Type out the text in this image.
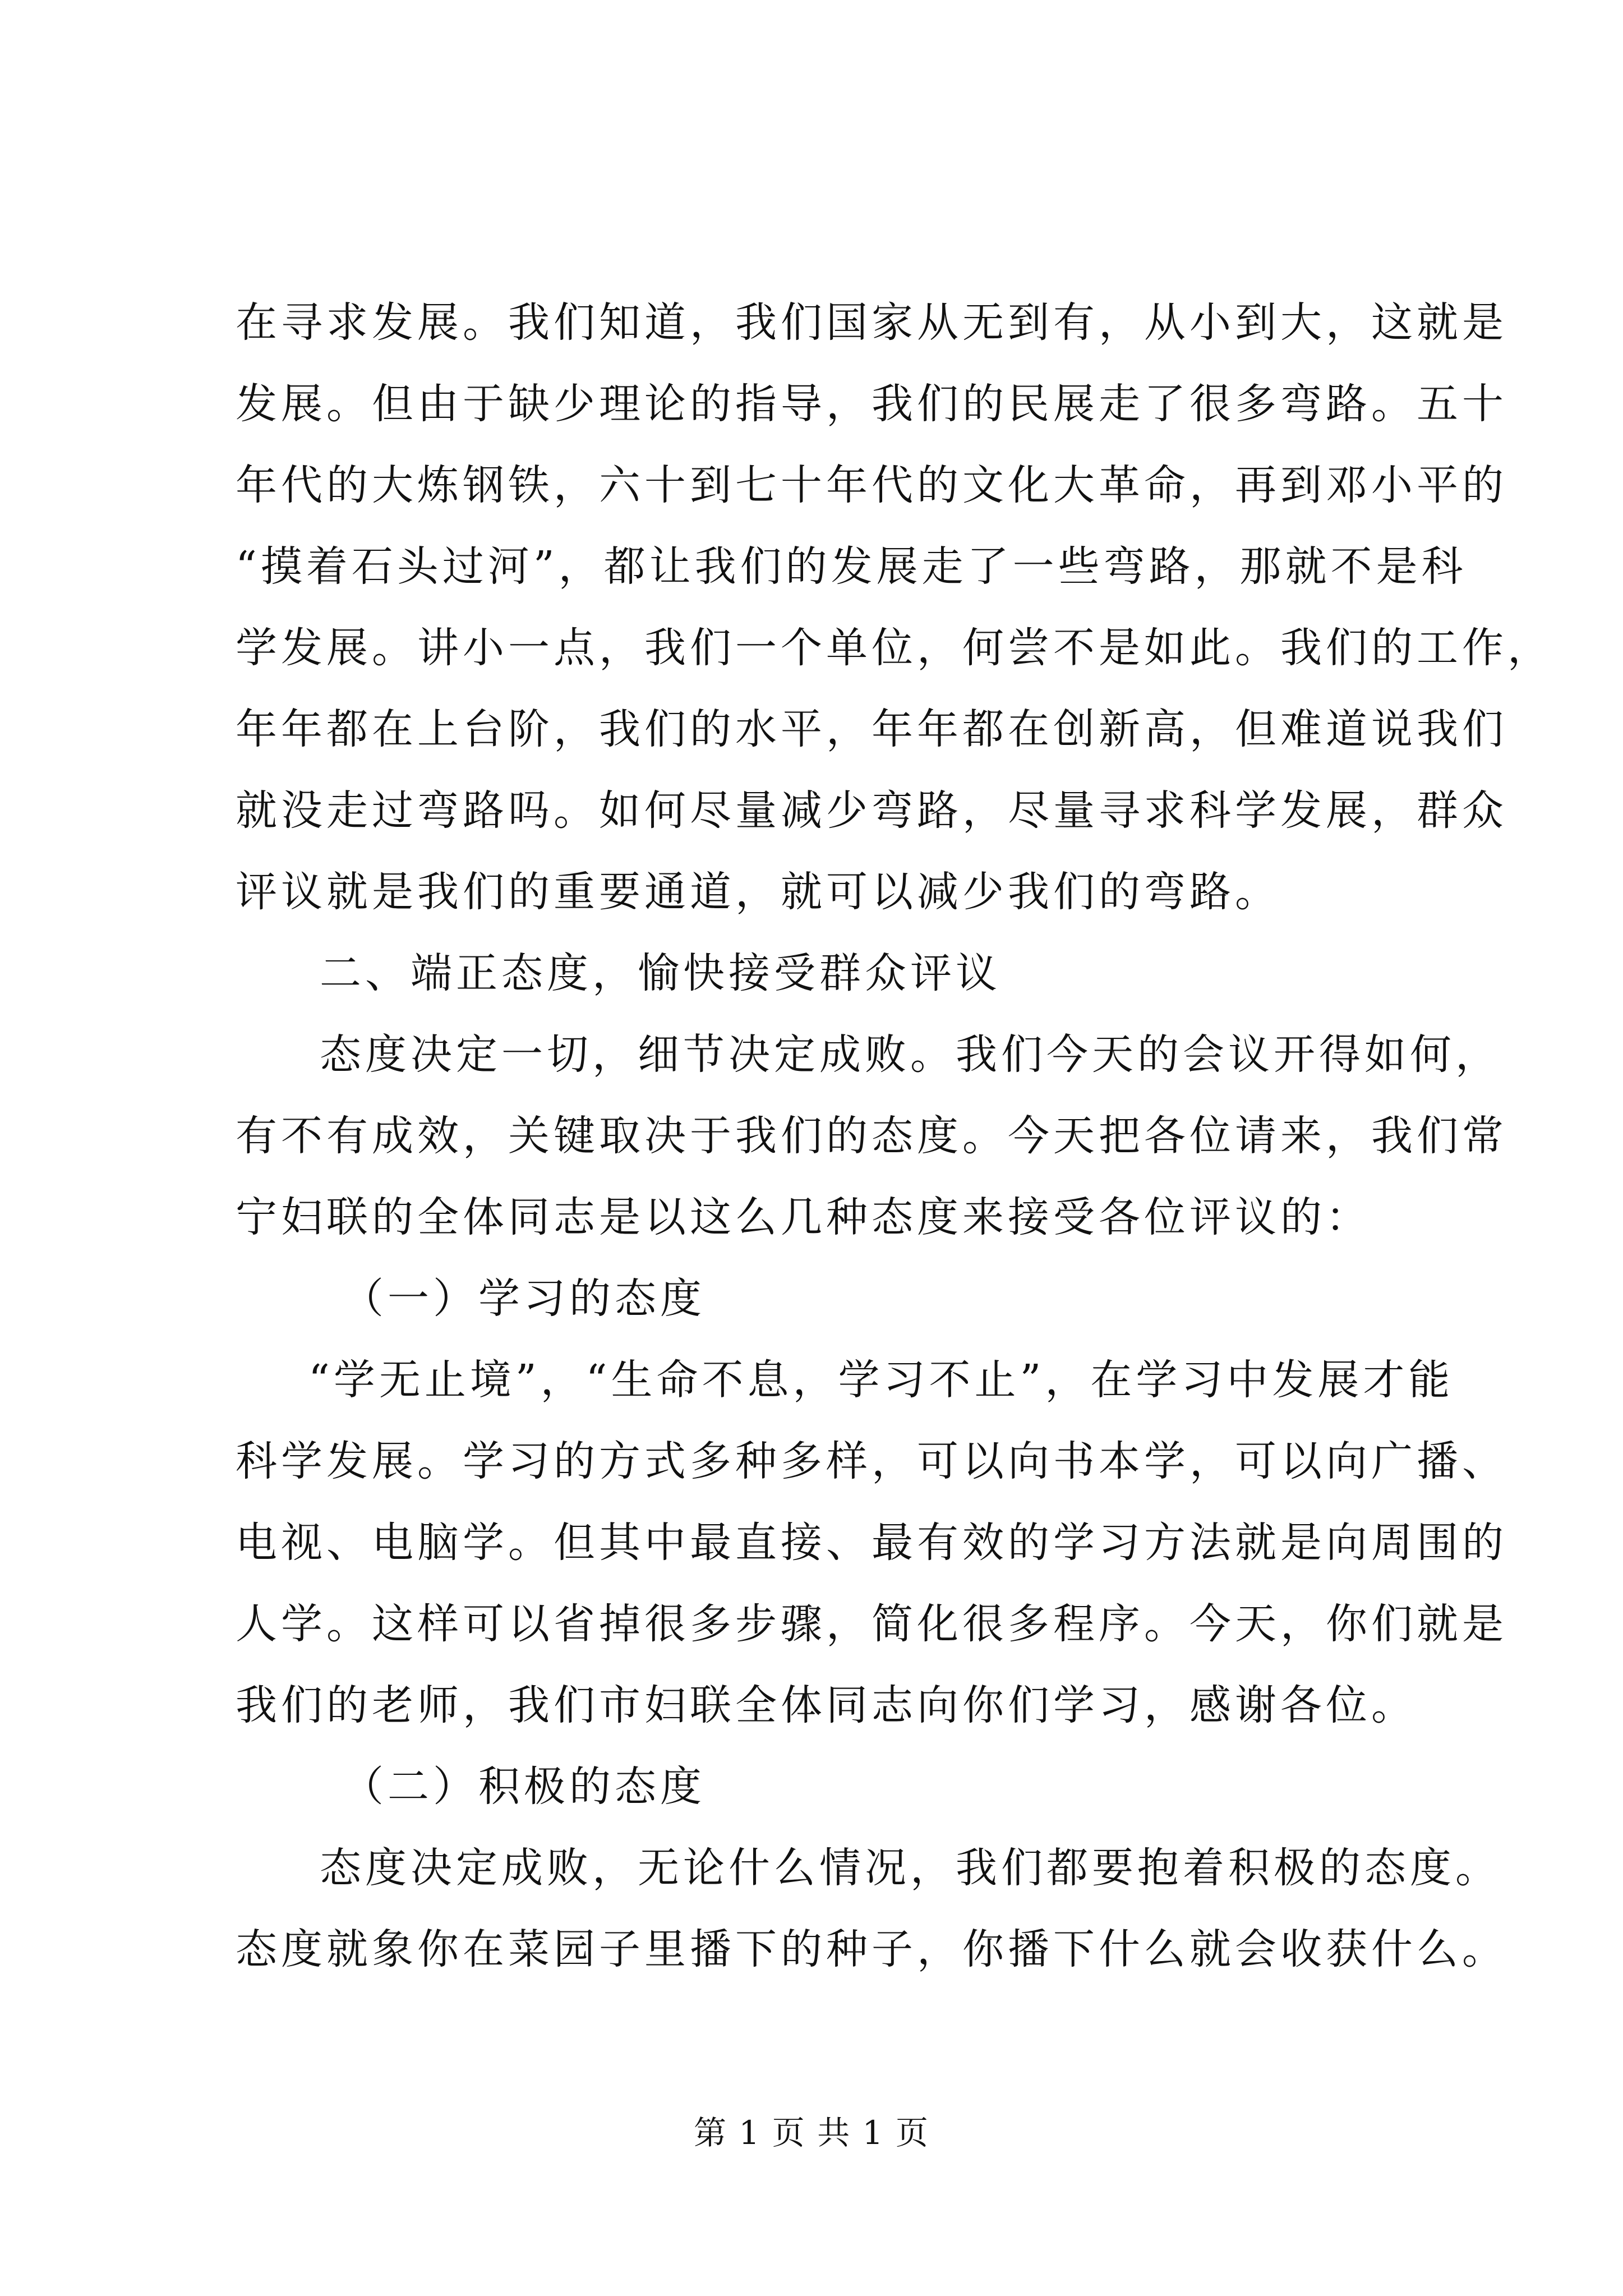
在寻求发展。我们知道，我们国家从无到有，从小到大，这就是
发展。但由于缺少理论的指导，我们的民展走了很多弯路。五十
年代的大炼钢铁，六十到七十年代的文化大革命，再到邓小平的
“摸着石头过河”，都让我们的发展走了一些弯路，那就不是科
学发展。讲小一点，我们一个单位，何尝不是如此。我们的工作，
年年都在上台阶，我们的水平，年年都在创新高，但难道说我们
就没走过弯路吗。如何尽量减少弯路，尽量寻求科学发展，群众
评议就是我们的重要通道，就可以减少我们的弯路。
二、端正态度，愉快接受群众评议
态度决定一切，细节决定成败。我们今天的会议开得如何，
有不有成效，关键取决于我们的态度。今天把各位请来，我们常
宁妇联的全体同志是以这么几种态度来接受各位评议的：
（一）学习的态度
“学无止境”，“生命不息，学习不止”，在学习中发展才能
科学发展。学习的方式多种多样，可以向书本学，可以向广播、
电视、电脑学。但其中最直接、最有效的学习方法就是向周围的
人学。这样可以省掉很多步骤，简化很多程序。今天，你们就是
我们的老师，我们市妇联全体同志向你们学习，感谢各位。
（二）积极的态度
态度决定成败，无论什么情况，我们都要抱着积极的态度。
态度就象你在菜园子里播下的种子，你播下什么就会收获什么。
第 1 页 共 1 页
